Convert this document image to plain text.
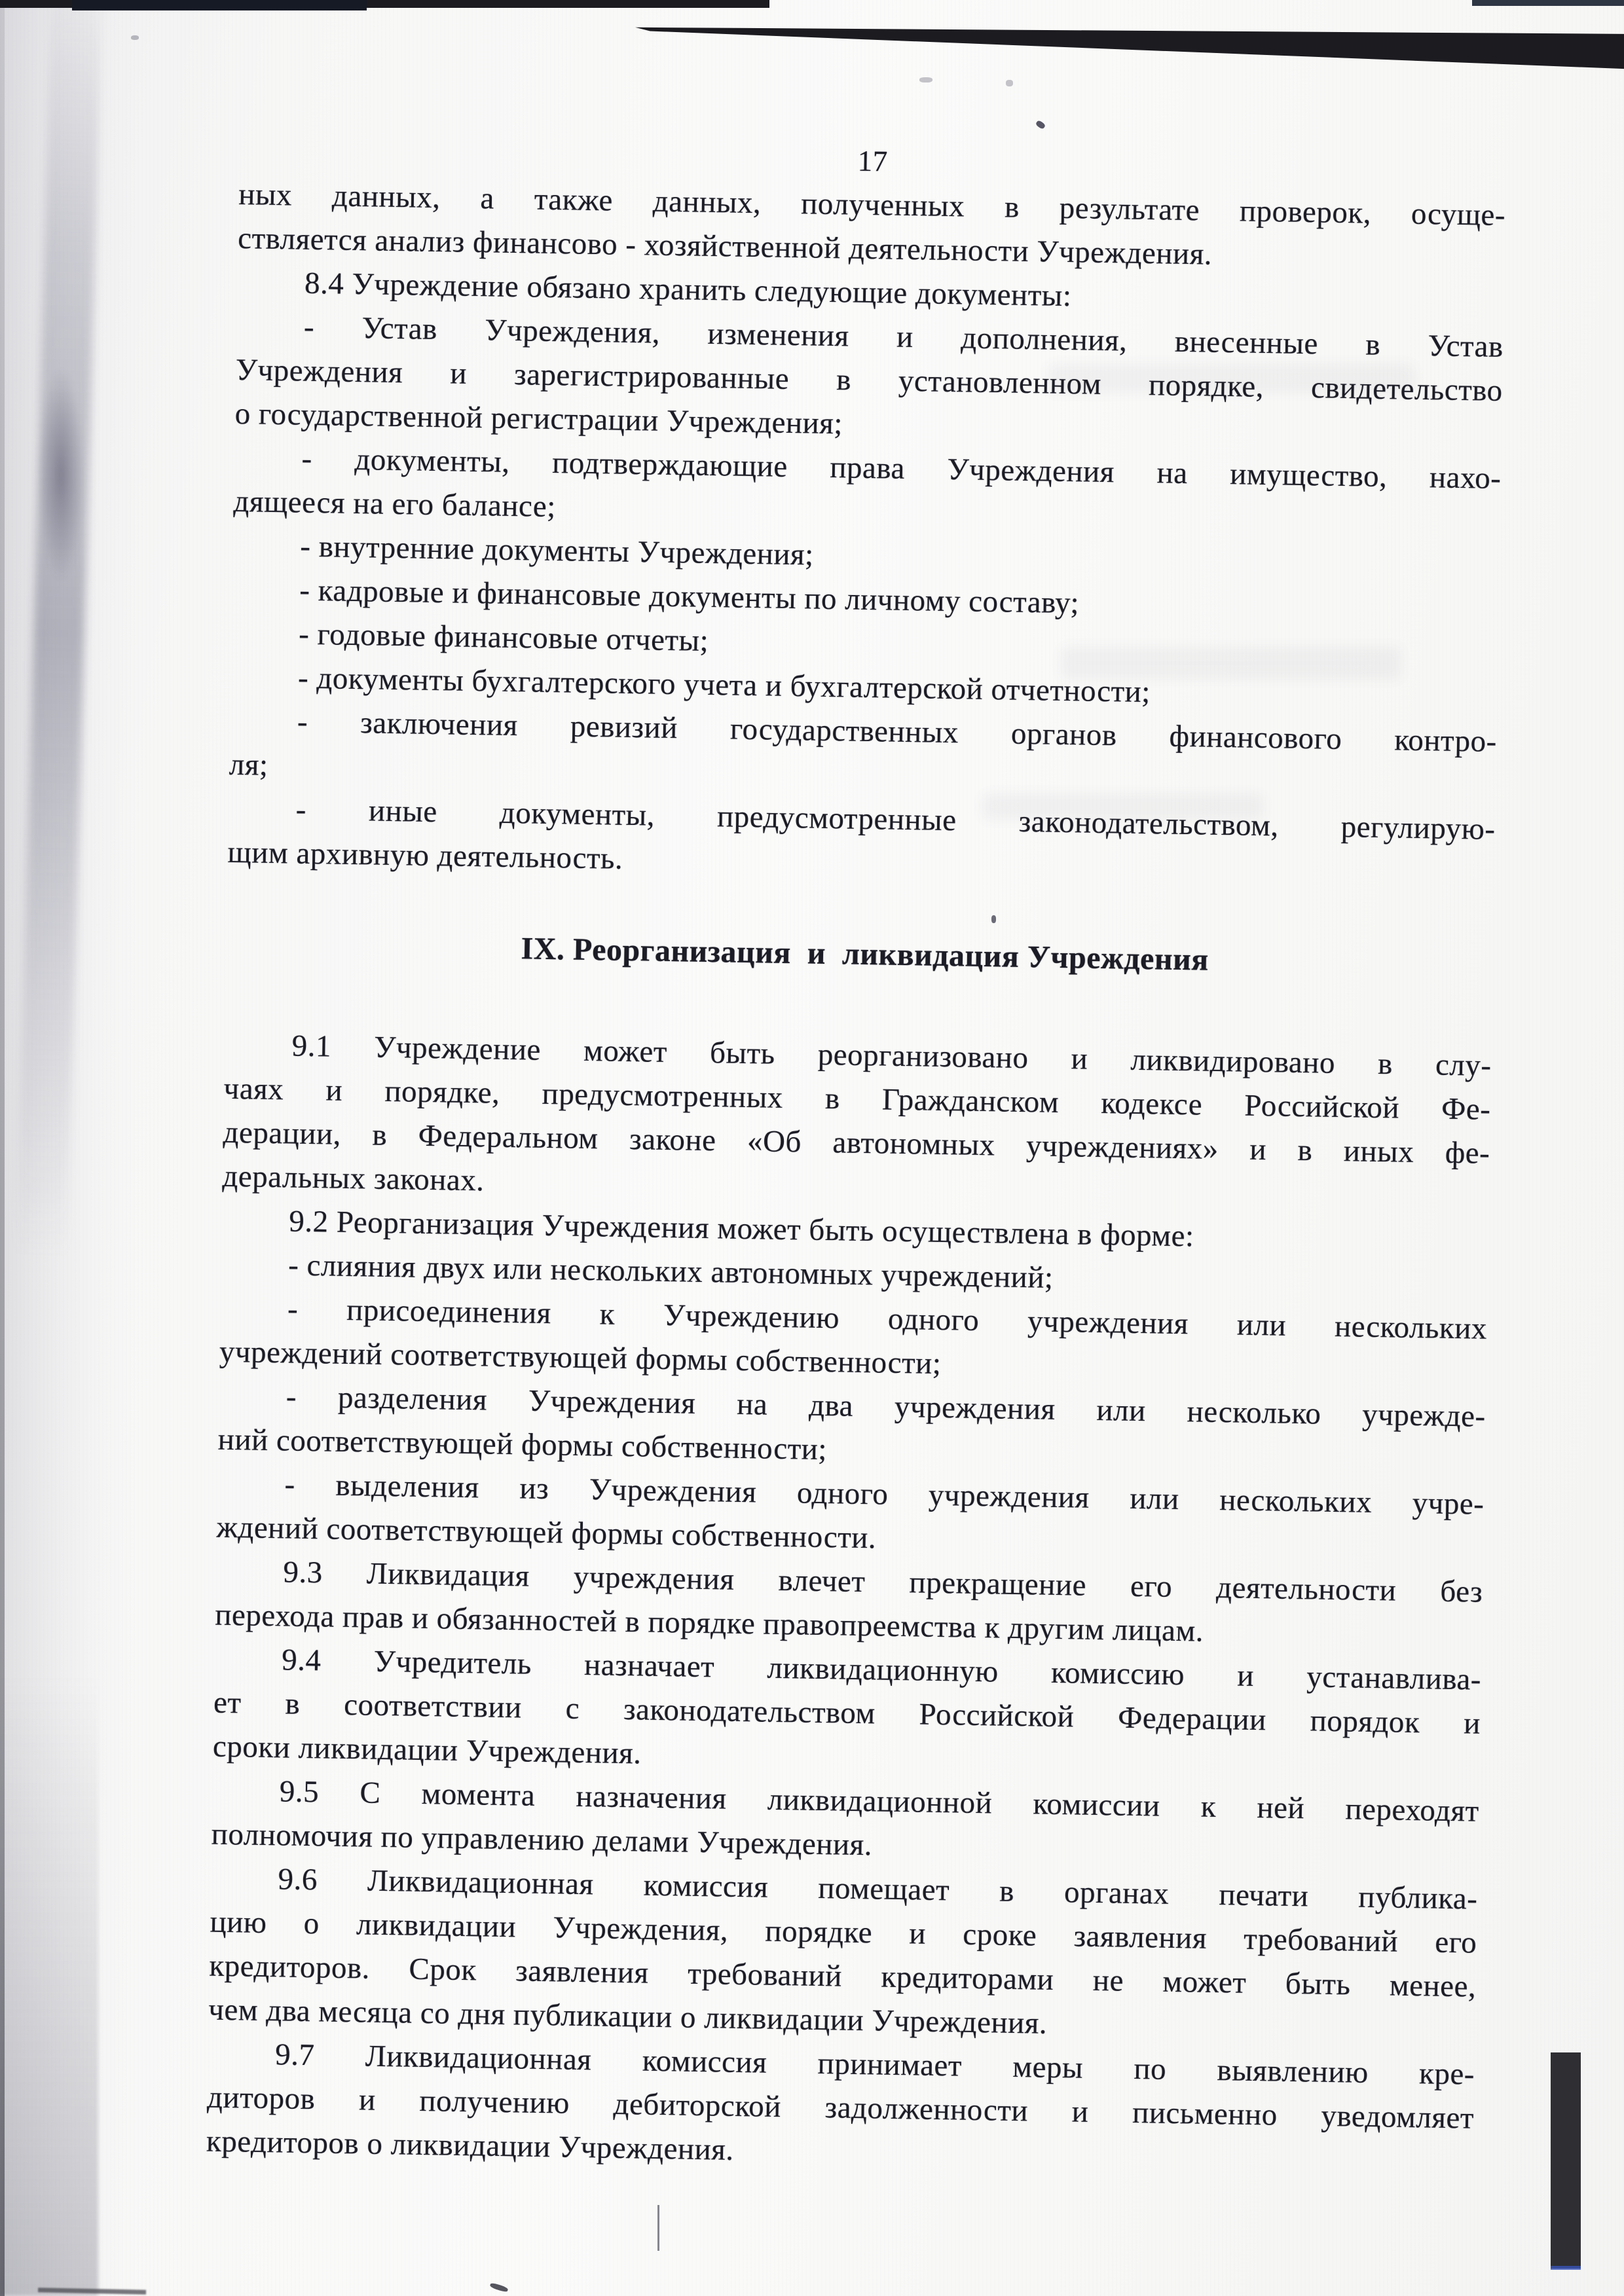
17
ных данных, а также данных, полученных в результате проверок, осуще-
ствляется анализ финансово - хозяйственной деятельности Учреждения.
8.4 Учреждение обязано хранить следующие документы:
- Устав Учреждения, изменения и дополнения, внесенные в Устав
Учреждения и зарегистрированные в установленном порядке, свидетельство
о государственной регистрации Учреждения;
- документы, подтверждающие права Учреждения на имущество, нахо-
дящееся на его балансе;
- внутренние документы Учреждения;
- кадровые и финансовые документы по личному составу;
- годовые финансовые отчеты;
- документы бухгалтерского учета и бухгалтерской отчетности;
- заключения ревизий государственных органов финансового контро-
ля;
- иные документы, предусмотренные законодательством, регулирую-
щим архивную деятельность.
IX. Реорганизация  и  ликвидация Учреждения
9.1 Учреждение может быть реорганизовано и ликвидировано в слу-
чаях и порядке, предусмотренных в Гражданском кодексе Российской Фе-
дерации, в Федеральном законе «Об автономных учреждениях» и в иных фе-
деральных законах.
9.2 Реорганизация Учреждения может быть осуществлена в форме:
- слияния двух или нескольких автономных учреждений;
- присоединения к Учреждению одного учреждения или нескольких
учреждений соответствующей формы собственности;
- разделения Учреждения на два учреждения или несколько учрежде-
ний соответствующей формы собственности;
- выделения из Учреждения одного учреждения или нескольких учре-
ждений соответствующей формы собственности.
9.3 Ликвидация учреждения влечет прекращение его деятельности без
перехода прав и обязанностей в порядке правопреемства к другим лицам.
9.4 Учредитель назначает ликвидационную комиссию и устанавлива-
ет в соответствии с законодательством Российской Федерации порядок и
сроки ликвидации Учреждения.
9.5 С момента назначения ликвидационной комиссии к ней переходят
полномочия по управлению делами Учреждения.
9.6 Ликвидационная комиссия помещает в органах печати публика-
цию о ликвидации Учреждения, порядке и сроке заявления требований его
кредиторов. Срок заявления требований кредиторами не может быть менее,
чем два месяца со дня публикации о ликвидации Учреждения.
9.7 Ликвидационная комиссия принимает меры по выявлению кре-
диторов и получению дебиторской задолженности и письменно уведомляет
кредиторов о ликвидации Учреждения.
